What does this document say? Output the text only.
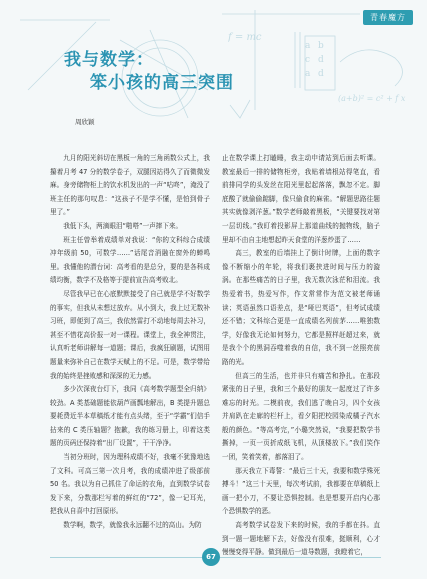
a b
c d
a d
青春魔方
f = mc
(a+b)² = c² + f x
我与数学：
笨小孩的高三突围
周欣颖

九月的阳光斜切在黑板一角的三角函数公式上，我攥着月考 47 分的数学卷子，双腿因站得久了而微微发麻。身旁储物柜上的饮水机发出的一声“咕咚”，淹没了班主任的那句叹息：“这孩子不是学不懂，是怕到骨子里了。”

我低下头，两滴眼泪“啪嗒”一声摔下来。

班主任曾举着成绩单对我说：“你的文科综合成绩冲年级前 50，可数学……”话尾音消融在窗外的蝉鸣里。我懂他的潜台词：高考看的是总分，要的是各科成绩均衡，数学不及格等于提前宣告高考败北。

尽管我早已在心底默默接受了自己就是学不好数学的事实，但我从未想过放弃。从小到大，我上过无数补习班，即便到了高三，我依然雷打不动地每周去补习，甚至不惜花高价报一对一课程。课堂上，我全神贯注，认真听老师讲解每一道题；课后，我疯狂刷题，试图用题量来弥补自己在数学天赋上的不足。可是，数学带给我的始终是挫败感和深深的无力感。

多少次深夜台灯下，我同《高考数学题型全归纳》较劲。A 类基础题能依葫芦画瓢地解出，B 类提升题总要耗费近半本草稿纸才能有点头绪，至于“学霸”们信手拈来的 C 类压轴题？抱歉，我的练习册上，印着这类题的页码还保持着“出厂设置”，干干净净。

当初分班时，因为理科成绩不好，我毫不犹豫地选了文科。可高三第一次月考，我的成绩冲进了级部前 50 名。我以为自己抓住了命运的衣角，直到数学试卷发下来，分数那栏写着的鲜红的“72”，像一记耳光，把我从自喜中打回原形。

数学啊，数学，就像我永远翻不过的高山。为防

止在数学课上打瞌睡，我主动申请站到后面去听课。教室最后一排的储物柜旁，我贴着墙根站得笔直，看前排同学的头发丝在阳光里起起落落，飘忽不定。脚底酸了就偷偷踮脚，像只偷食的麻雀。“解题思路往题其实就像剥洋葱。”数学老师敲着黑板，“关键要找对第一层切线。”我盯着投影屏上那道曲线的抛物线，脑子里却不由自主地想起昨天食堂的洋葱炒蛋了……

高三，教室的后墙挂上了倒计时牌，上面的数字像不断缩小的年轮，将我们裹挟进时间与压力的漩涡。在那些痛苦的日子里，我无数次泳茫和泪流。我热爱着书，热爱写作，作文常常作为范文被老师诵读；英语虽然口语差点，是“哑巴英语”，但考试成绩还不错；文科综合更是一直成绩名列前茅……唯独数学，好像我无论如何努力，它都是照样赶超过来，就是我个个的黑洞吞噬着我的自信，我不到一丝照亮前路的光。

但高三的生活，也并非只有痛苦和挣扎。在那段紧张的日子里，我和三个最好的朋友一起度过了许多难忘的时光。二模前夜，我们逃了晚自习，四个女孩并肩趴在走廊的栏杆上，看夕阳把校园染成橘子汽水般的颜色。“等高考完，”小璐突然说，“我要把数学书撕掉，一页一页折成纸飞机，从顶楼放下。”我们笑作一团，笑着笑着，都落泪了。

那天我立下毒誓：“最后三十天，我要和数学殊死搏斗！”这三十天里，每次考试前，我都要在草稿纸上画一把小刀，不要让恐惧控制。也是想要开启内心那个恐惧数学的恶。

高考数学试卷发下来的时候，我的手都在抖。直到一题一题地解下去，好像没有很难，挺顺利，心才慢慢变得平静。做到最后一道导数题，我瞪着它，

67
